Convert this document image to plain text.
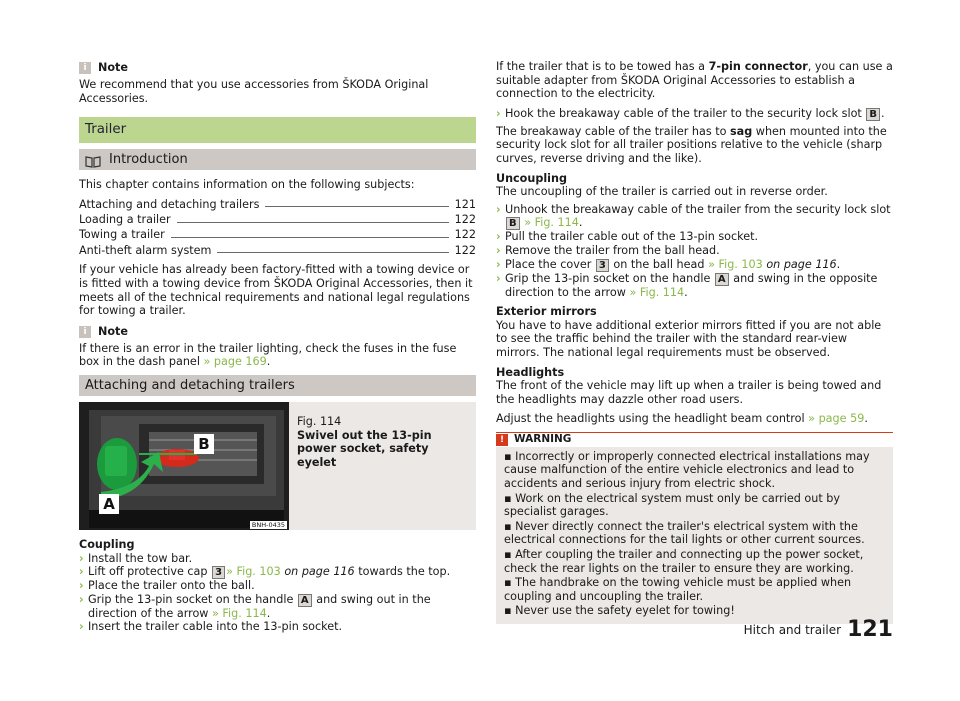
i	Note

We recommend that you use accessories from ŠKODA Original Accessories.

Trailer
Introduction

This chapter contains information on the following subjects:

Attaching and detaching trailers	121
Loading a trailer	122
Towing a trailer	122
Anti-theft alarm system	122

If your vehicle has already been factory-fitted with a towing device or is fitted with a towing device from ŠKODA Original Accessories, then it meets all of the technical requirements and national legal regulations for towing a trailer.

i	Note

If there is an error in the trailer lighting, check the fuses in the fuse box in the dash panel » page 169.

Attaching and detaching trailers
B
A
BNH-0435
Fig. 114
Swivel out the 13-pin power socket, safety eyelet
Coupling
› Install the tow bar.
› Lift off protective cap 3 » Fig. 103 on page 116 towards the top.
› Place the trailer onto the ball.
› Grip the 13-pin socket on the handle A and swing out in the direction of the arrow » Fig. 114.
› Insert the trailer cable into the 13-pin socket.

If the trailer that is to be towed has a 7-pin connector, you can use a suitable adapter from ŠKODA Original Accessories to establish a connection to the electricity.

› Hook the breakaway cable of the trailer to the security lock slot B .

The breakaway cable of the trailer has to sag when mounted into the security lock slot for all trailer positions relative to the vehicle (sharp curves, reverse driving and the like).

Uncoupling

The uncoupling of the trailer is carried out in reverse order.

› Unhook the breakaway cable of the trailer from the security lock slot B » Fig. 114.
› Pull the trailer cable out of the 13-pin socket.
› Remove the trailer from the ball head.
› Place the cover 3 on the ball head » Fig. 103 on page 116.
› Grip the 13-pin socket on the handle A and swing in the opposite direction to the arrow » Fig. 114.
Exterior mirrors

You have to have additional exterior mirrors fitted if you are not able to see the traffic behind the trailer with the standard rear-view mirrors. The national legal requirements must be observed.

Headlights

The front of the vehicle may lift up when a trailer is being towed and the headlights may dazzle other road users.

Adjust the headlights using the headlight beam control » page 59.

! WARNING
▪ Incorrectly or improperly connected electrical installations may cause malfunction of the entire vehicle electronics and lead to accidents and serious injury from electric shock.
▪ Work on the electrical system must only be carried out by specialist garages.
▪ Never directly connect the trailer's electrical system with the electrical connections for the tail lights or other current sources.
▪ After coupling the trailer and connecting up the power socket, check the rear lights on the trailer to ensure they are working.
▪ The handbrake on the towing vehicle must be applied when coupling and uncoupling the trailer.
▪ Never use the safety eyelet for towing!
Hitch and trailer 121
